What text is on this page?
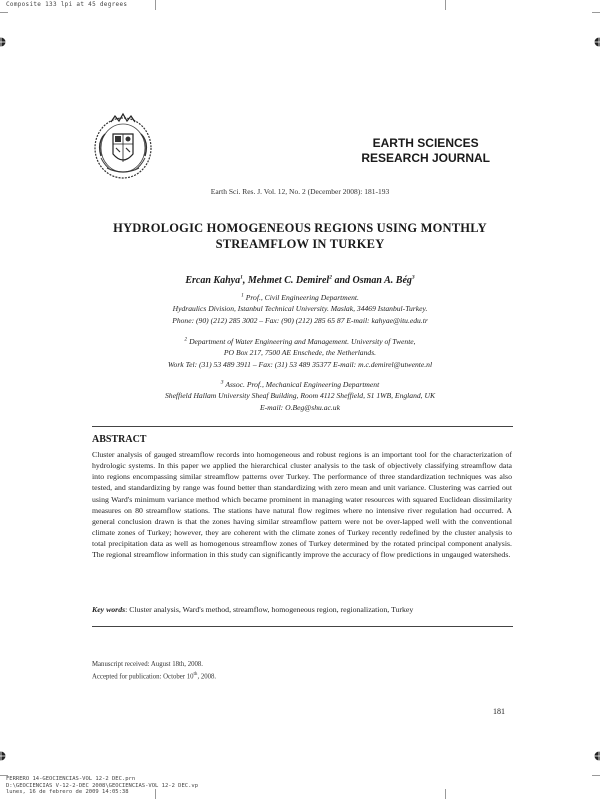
Composite 133 lpi at 45 degrees
EARTH SCIENCES
RESEARCH JOURNAL
Earth Sci. Res. J. Vol. 12, No. 2 (December 2008): 181-193
HYDROLOGIC HOMOGENEOUS REGIONS USING MONTHLY
STREAMFLOW IN TURKEY
Ercan Kahya$^1$, Mehmet C. Demirel$^2$ and Osman A. Bég$^3$
$^1$ Prof., Civil Engineering Department.
Hydraulics Division, Istanbul Technical University. Maslak, 34469 Istanbul-Turkey.
Phone: (90) (212) 285 3002 – Fax: (90) (212) 285 65 87 E-mail: kahyae@itu.edu.tr
$^2$ Department of Water Engineering and Management. University of Twente,
PO Box 217, 7500 AE Enschede, the Netherlands.
Work Tel: (31) 53 489 3911 – Fax: (31) 53 489 35377 E-mail: m.c.demirel@utwente.nl
$^3$ Assoc. Prof., Mechanical Engineering Department
Sheffield Hallam University Sheaf Building, Room 4112 Sheffield, S1 1WB, England, UK
E-mail: O.Beg@shu.ac.uk
ABSTRACT
Cluster analysis of gauged streamflow records into homogeneous and robust regions is an important tool for the characterization of hydrologic systems. In this paper we applied the hierarchical cluster analysis to the task of objectively classifying streamflow data into regions encompassing similar streamflow patterns over Turkey. The performance of three standardization techniques was also tested, and standardizing by range was found better than standardizing with zero mean and unit variance. Clustering was carried out using Ward's minimum variance method which became prominent in managing water resources with squared Euclidean dissimilarity measures on 80 streamflow stations. The stations have natural flow regimes where no intensive river regulation had occurred. A general conclusion drawn is that the zones having similar streamflow pattern were not be over-lapped well with the conventional climate zones of Turkey; however, they are coherent with the climate zones of Turkey recently redefined by the cluster analysis to total precipitation data as well as homogenous streamflow zones of Turkey determined by the rotated principal component analysis. The regional streamflow information in this study can significantly improve the accuracy of flow predictions in ungauged watersheds.
Key words: Cluster analysis, Ward's method, streamflow, homogeneous region, regionalization, Turkey
Manuscript received: August 18th, 2008.
Accepted for publication: October 10th, 2008.
181
FERRERO 14-GEOCIENCIAS-VOL 12-2 DEC.prn
D:\GEOCIENCIAS V-12-2-DEC 2008\GEOCIENCIAS-VOL 12-2 DEC.vp
lunes, 16 de febrero de 2009 14:05:38
